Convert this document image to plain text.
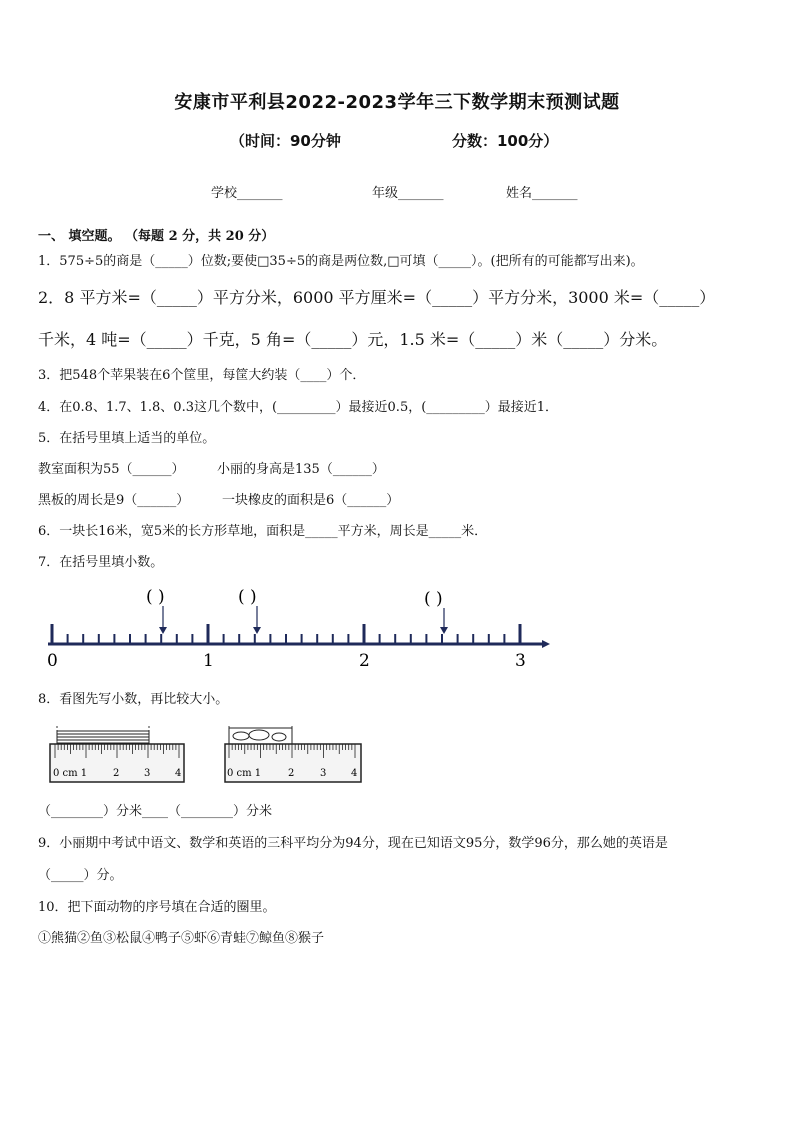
安康市平利县2022-2023学年三下数学期末预测试题
（时间：90分钟	分数：100分）
学校_______	年级_______	姓名_______
一、 填空题。 （每题 2 分，共 20 分）
1．575÷5的商是（_____）位数;要使□35÷5的商是两位数,□可填（_____）。(把所有的可能都写出来)。
2．8 平方米=（_____）平方分米，6000 平方厘米=（_____）平方分米，3000 米=（_____）
千米，4 吨=（_____）千克，5 角=（_____）元，1.5 米=（_____）米（_____）分米。
3．把548个苹果装在6个筐里，每筐大约装（____）个．
4．在0.8、1.7、1.8、0.3这几个数中，(_________）最接近0.5，(_________）最接近1．
5．在括号里填上适当的单位。
教室面积为55（______） 小丽的身高是135（______）
黑板的周长是9（______）	一块橡皮的面积是6（______）
6．一块长16米，宽5米的长方形草地，面积是_____平方米，周长是_____米．
7．在括号里填小数。
( )	( )	( )
0	1	2	3
8．看图先写小数，再比较大小。
0 cm 1	2 3 4	0 cm 1	2	3 4
（________）分米____（________）分米
9．小丽期中考试中语文、数学和英语的三科平均分为94分，现在已知语文95分，数学96分，那么她的英语是
（_____）分。
10．把下面动物的序号填在合适的圈里。
①熊猫②鱼③松鼠④鸭子⑤虾⑥青蛙⑦鲸鱼⑧猴子
